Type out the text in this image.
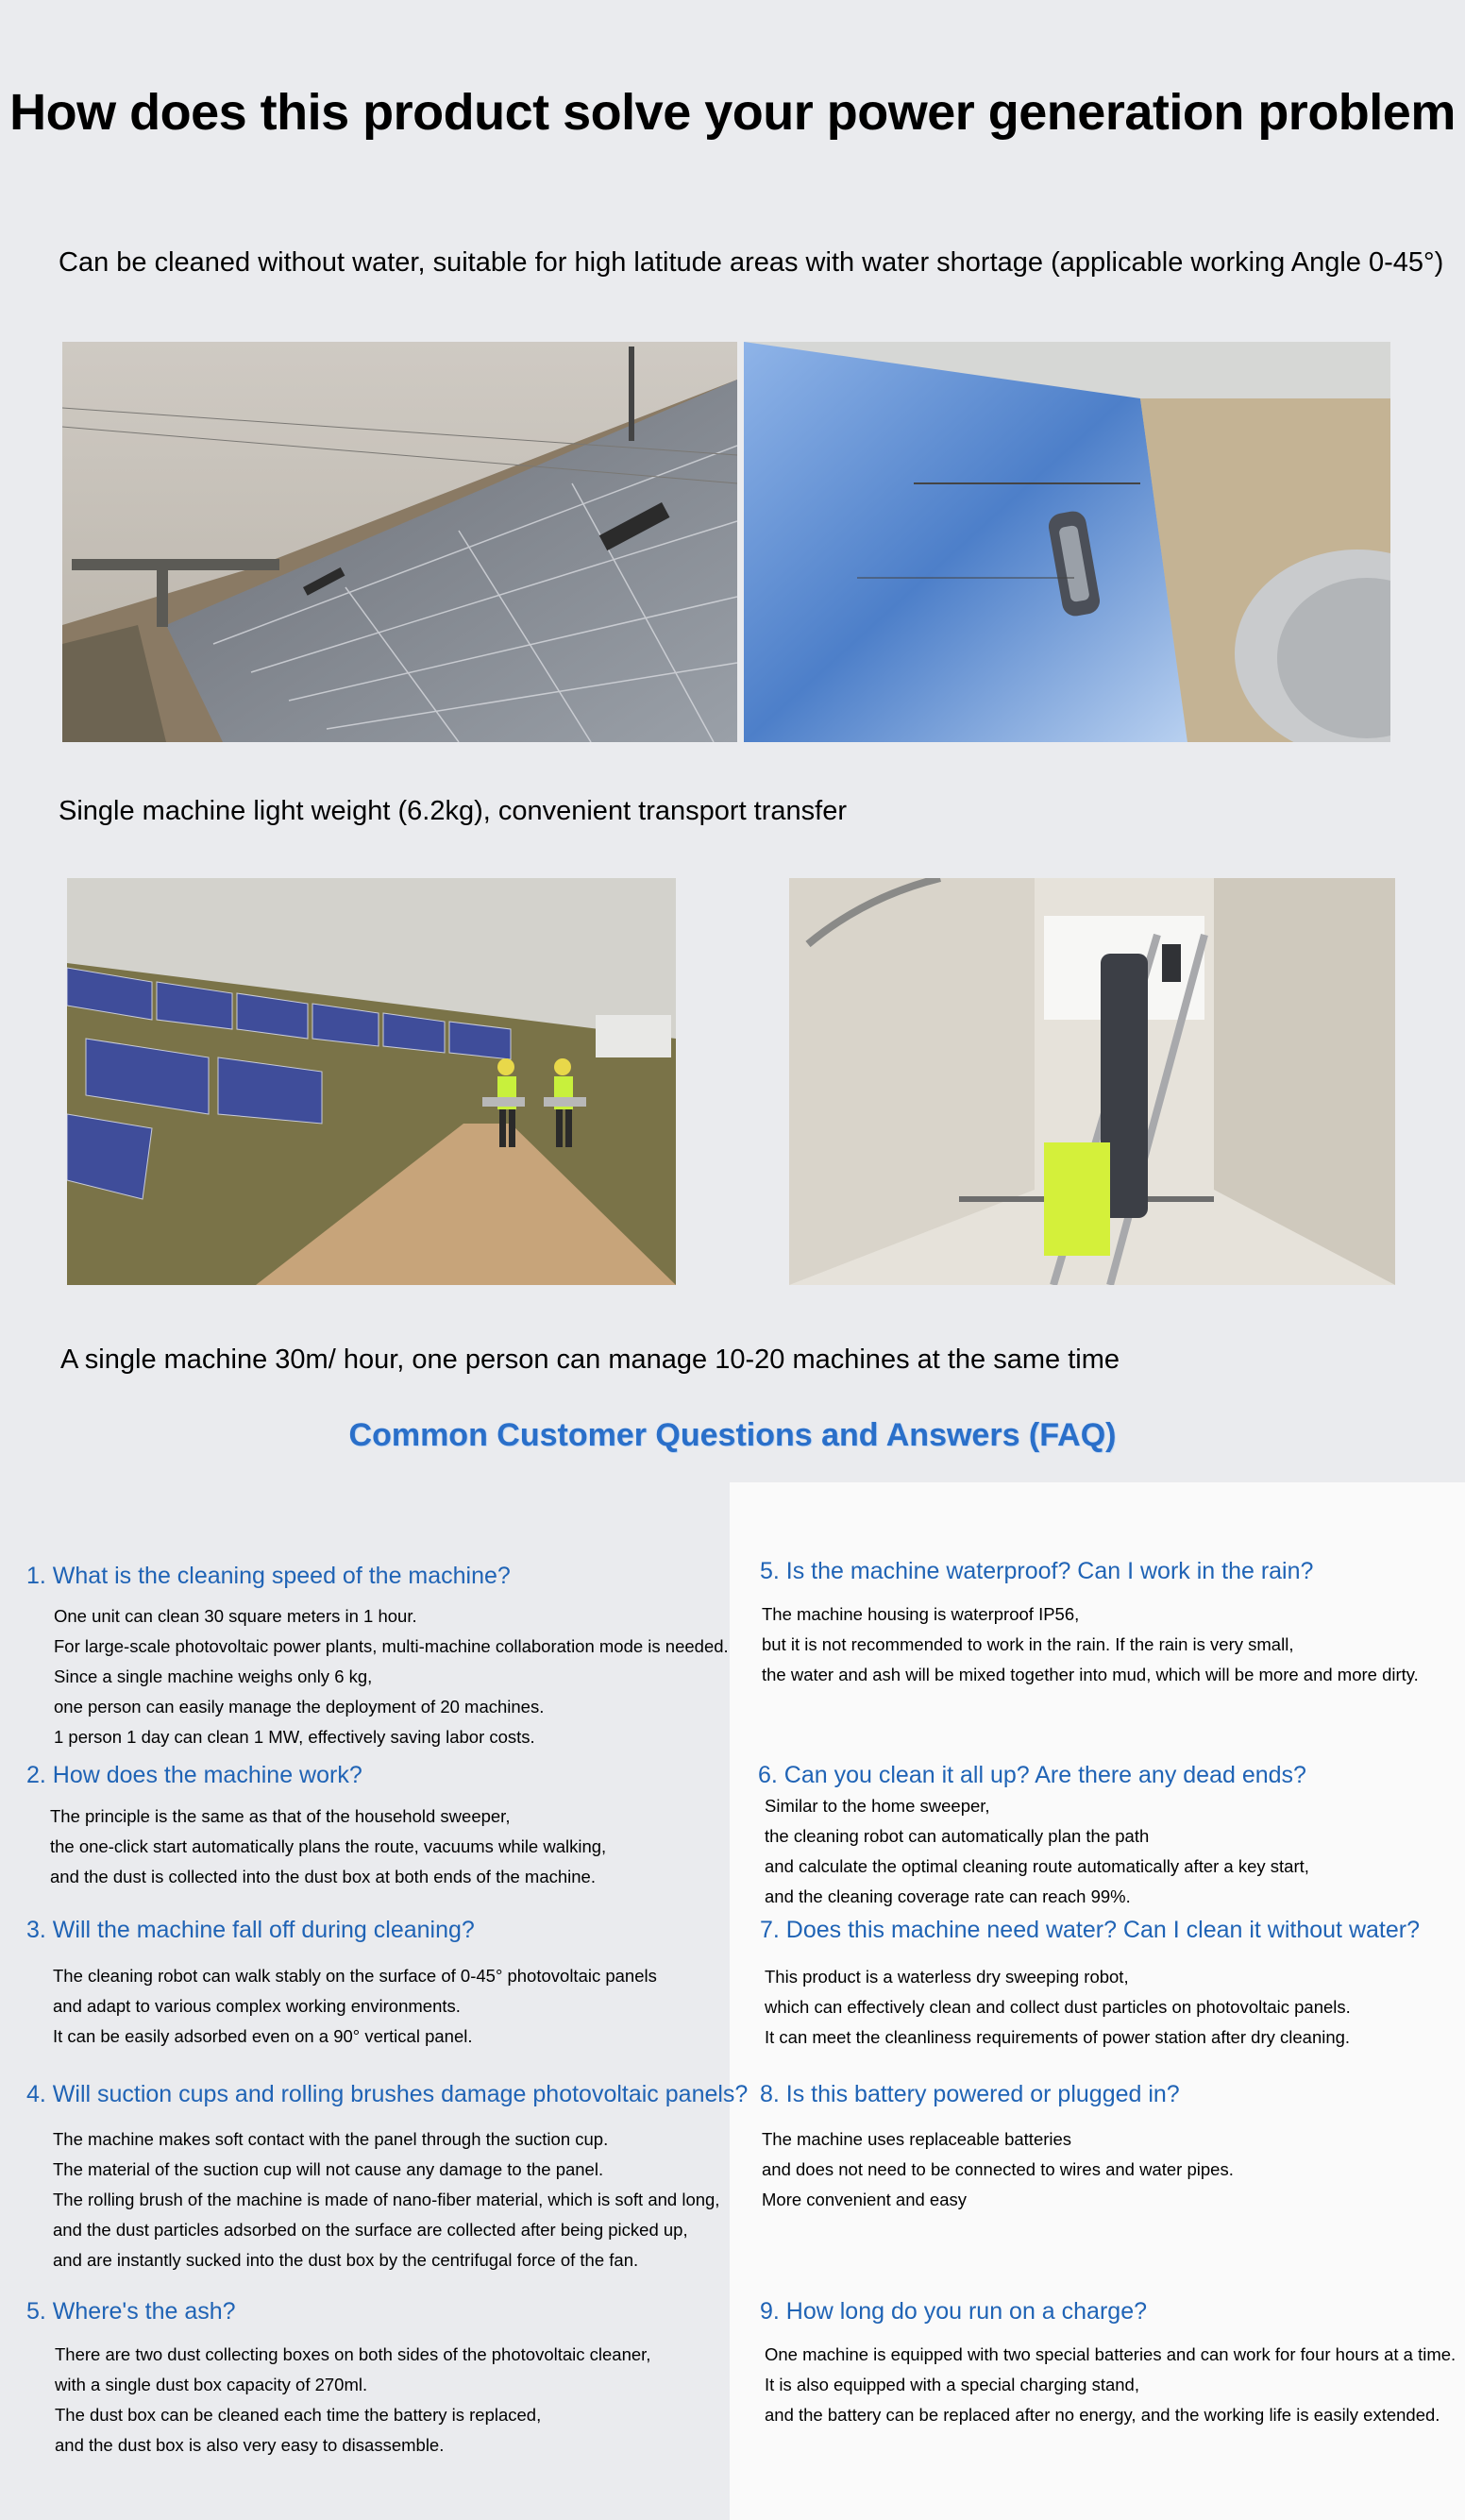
How does this product solve your power generation problem
Can be cleaned without water, suitable for high latitude areas with water shortage (applicable working Angle 0-45°)
Single machine light weight (6.2kg), convenient transport transfer
A single machine 30m/ hour, one person can manage 10-20 machines at the same time
Common Customer Questions and Answers (FAQ)
1. What is the cleaning speed of the machine?
One unit can clean 30 square meters in 1 hour.
For large-scale photovoltaic power plants, multi-machine collaboration mode is needed.
Since a single machine weighs only 6 kg,
one person can easily manage the deployment of 20 machines.
1 person 1 day can clean 1 MW, effectively saving labor costs.
2. How does the machine work?
The principle is the same as that of the household sweeper,
the one-click start automatically plans the route, vacuums while walking,
and the dust is collected into the dust box at both ends of the machine.
3. Will the machine fall off during cleaning?
The cleaning robot can walk stably on the surface of 0-45° photovoltaic panels
and adapt to various complex working environments.
It can be easily adsorbed even on a 90° vertical panel.
4. Will suction cups and rolling brushes damage photovoltaic panels?
The machine makes soft contact with the panel through the suction cup.
The material of the suction cup will not cause any damage to the panel.
The rolling brush of the machine is made of nano-fiber material, which is soft and long,
and the dust particles adsorbed on the surface are collected after being picked up,
and are instantly sucked into the dust box by the centrifugal force of the fan.
5. Where's the ash?
There are two dust collecting boxes on both sides of the photovoltaic cleaner,
with a single dust box capacity of 270ml.
The dust box can be cleaned each time the battery is replaced,
and the dust box is also very easy to disassemble.
5. Is the machine waterproof? Can I work in the rain?
The machine housing is waterproof IP56,
but it is not recommended to work in the rain. If the rain is very small,
the water and ash will be mixed together into mud, which will be more and more dirty.
6. Can you clean it all up? Are there any dead ends?
Similar to the home sweeper,
the cleaning robot can automatically plan the path
and calculate the optimal cleaning route automatically after a key start,
and the cleaning coverage rate can reach 99%.
7. Does this machine need water? Can I clean it without water?
This product is a waterless dry sweeping robot,
which can effectively clean and collect dust particles on photovoltaic panels.
It can meet the cleanliness requirements of power station after dry cleaning.
8. Is this battery powered or plugged in?
The machine uses replaceable batteries
and does not need to be connected to wires and water pipes.
More convenient and easy
9. How long do you run on a charge?
One machine is equipped with two special batteries and can work for four hours at a time.
It is also equipped with a special charging stand,
and the battery can be replaced after no energy, and the working life is easily extended.
